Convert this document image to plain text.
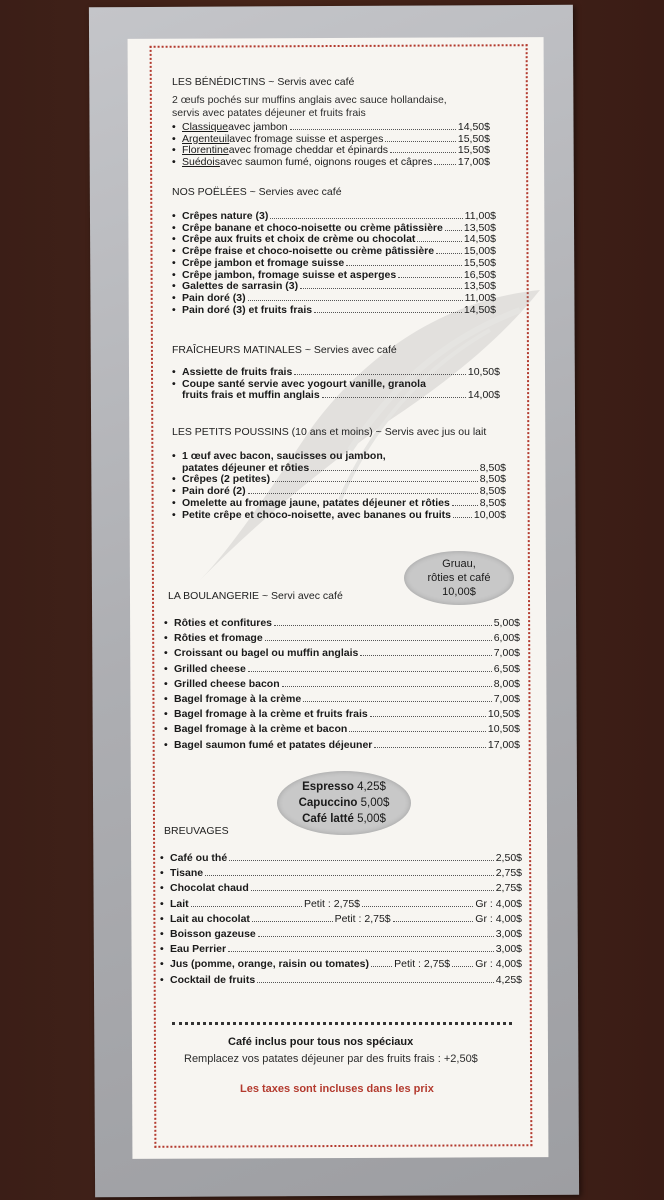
LES BÉNÉDICTINS ~ Servis avec café
2 œufs pochés sur muffins anglais avec sauce hollandaise,
servis avec patates déjeuner et fruits frais
• Classique avec jambon	14,50$
• Argenteuil avec fromage suisse et asperges	15,50$
• Florentine avec fromage cheddar et épinards	15,50$
• Suédois avec saumon fumé, oignons rouges et câpres 17,00$
NOS POËLÉES ~ Servies avec café
• Crêpes nature (3)	11,00$
• Crêpe banane et choco-noisette ou crème pâtissière 13,50$
• Crêpe aux fruits et choix de crème ou chocolat	14,50$
• Crêpe fraise et choco-noisette ou crème pâtissière	15,00$
• Crêpe jambon et fromage suisse	15,50$
• Crêpe jambon, fromage suisse et asperges	16,50$
• Galettes de sarrasin (3)	13,50$
• Pain doré (3)	11,00$
• Pain doré (3) et fruits frais	14,50$
FRAÎCHEURS MATINALES ~ Servies avec café
• Assiette de fruits frais	10,50$
• Coupe santé servie avec yogourt vanille, granola
fruits frais et muffin anglais	14,00$
LES PETITS POUSSINS (10 ans et moins) ~ Servis avec jus ou lait
• 1 œuf avec bacon, saucisses ou jambon,
patates déjeuner et rôties	8,50$
• Crêpes (2 petites)	8,50$
• Pain doré (2)	8,50$
• Omelette au fromage jaune, patates déjeuner et rôties	8,50$
• Petite crêpe et choco-noisette, avec bananes ou fruits 10,00$
Gruau,
rôties et café
10,00$
LA BOULANGERIE ~ Servi avec café
• Rôties et confitures	5,00$
• Rôties et fromage	6,00$
• Croissant ou bagel ou muffin anglais	7,00$
• Grilled cheese	6,50$
• Grilled cheese bacon	8,00$
• Bagel fromage à la crème	7,00$
• Bagel fromage à la crème et fruits frais	10,50$
• Bagel fromage à la crème et bacon	10,50$
• Bagel saumon fumé et patates déjeuner	17,00$
Espresso 4,25$
Capuccino 5,00$
Café latté 5,00$
BREUVAGES
• Café ou thé	2,50$
• Tisane	2,75$
• Chocolat chaud	2,75$
• Lait	Petit : 2,75$	Gr : 4,00$
• Lait au chocolat	Petit : 2,75$	Gr : 4,00$
• Boisson gazeuse	3,00$
• Eau Perrier	3,00$
• Jus (pomme, orange, raisin ou tomates) Petit : 2,75$ Gr : 4,00$
• Cocktail de fruits	4,25$
Café inclus pour tous nos spéciaux
Remplacez vos patates déjeuner par des fruits frais : +2,50$
Les taxes sont incluses dans les prix
